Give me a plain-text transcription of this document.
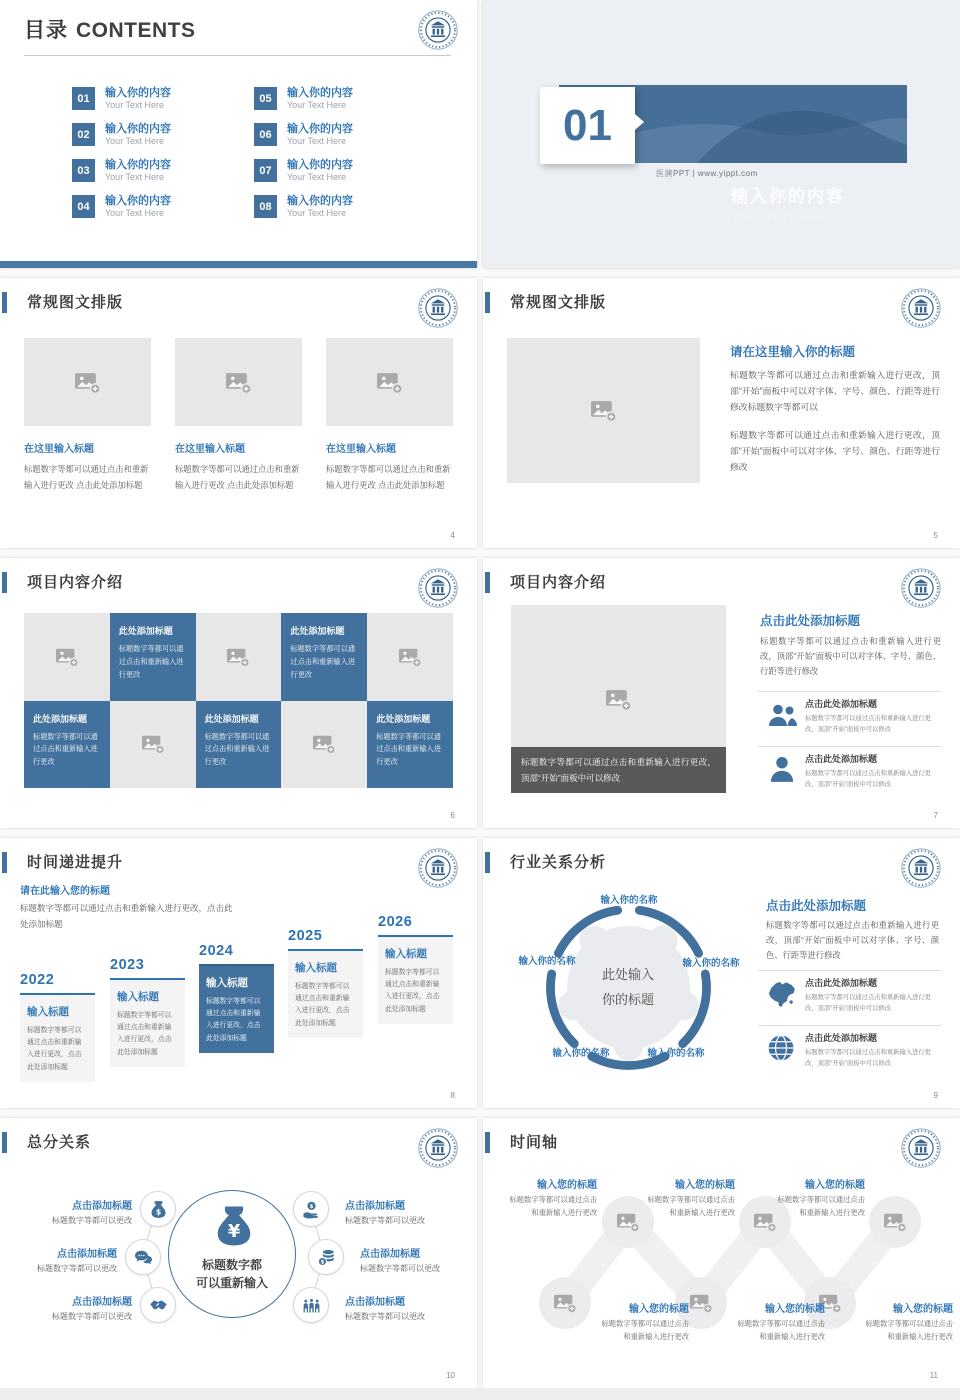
目录 CONTENTS
01	输入你的内容
Your Text Here
02	输入你的内容
Your Text Here
03	输入你的内容
Your Text Here
04	输入你的内容
Your Text Here
05	输入你的内容
Your Text Here
06	输入你的内容
Your Text Here
07	输入你的内容
Your Text Here
08	输入你的内容
Your Text Here
输入你的内容
Your Text Here
01
医演PPT | www.yippt.com
常规图文排版
在这里输入标题
标题数字等都可以通过点击和重新输入进行更改 点击此处添加标题
在这里输入标题
标题数字等都可以通过点击和重新输入进行更改 点击此处添加标题
在这里输入标题
标题数字等都可以通过点击和重新输入进行更改 点击此处添加标题
4
常规图文排版
请在这里输入你的标题
标题数字等都可以通过点击和重新输入进行更改，顶部“开始”面板中可以对字体、字号、颜色、行距等进行修改标题数字等都可以
标题数字等都可以通过点击和重新输入进行更改，顶部“开始”面板中可以对字体、字号、颜色、行距等进行修改
5
项目内容介绍
此处添加标题
标题数字等都可以通过点击和重新输入进行更改
此处添加标题
标题数字等都可以通过点击和重新输入进行更改
此处添加标题
标题数字等都可以通过点击和重新输入进行更改
此处添加标题
标题数字等都可以通过点击和重新输入进行更改
此处添加标题
标题数字等都可以通过点击和重新输入进行更改
6
项目内容介绍
标题数字等都可以通过点击和重新输入进行更改，顶部“开始”面板中可以修改
点击此处添加标题
标题数字等都可以通过点击和重新输入进行更改，顶部“开始”面板中可以对字体、字号、颜色、行距等进行修改
点击此处添加标题
标题数字等都可以通过点击和重新输入进行更改，顶部“开始”面板中可以修改
点击此处添加标题
标题数字等都可以通过点击和重新输入进行更改，顶部“开始”面板中可以修改
7
时间递进提升
请在此输入您的标题
标题数字等都可以通过点击和重新输入进行更改，点击此处添加标题
2022
输入标题
标题数字等都可以通过点击和重新输入进行更改，点击此处添加标题
2023
输入标题
标题数字等都可以通过点击和重新输入进行更改，点击此处添加标题
2024
输入标题
标题数字等都可以通过点击和重新输入进行更改，点击此处添加标题
2025
输入标题
标题数字等都可以通过点击和重新输入进行更改，点击此处添加标题
2026
输入标题
标题数字等都可以通过点击和重新输入进行更改，点击此处添加标题
8
行业关系分析
此处输入
你的标题
输入你的名称
输入你的名称	输入你的名称
输入你的名称	输入你的名称
点击此处添加标题
标题数字等都可以通过点击和重新输入进行更改，顶部“开始”面板中可以对字体、字号、颜色、行距等进行修改
点击此处添加标题
标题数字等都可以通过点击和重新输入进行更改，顶部“开始”面板中可以修改
点击此处添加标题
标题数字等都可以通过点击和重新输入进行更改，顶部“开始”面板中可以修改
9
总分关系
标题数字都
可以重新输入
点击添加标题
标题数字等都可以更改
点击添加标题
标题数字等都可以更改
点击添加标题
标题数字等都可以更改
点击添加标题
标题数字等都可以更改
点击添加标题
标题数字等都可以更改
点击添加标题
标题数字等都可以更改
10
时间轴
输入您的标题
标题数字等都可以通过点击
和重新输入进行更改
输入您的标题
标题数字等都可以通过点击
和重新输入进行更改
输入您的标题
标题数字等都可以通过点击
和重新输入进行更改
输入您的标题
标题数字等都可以通过点击
和重新输入进行更改
输入您的标题
标题数字等都可以通过点击
和重新输入进行更改
输入您的标题
标题数字等都可以通过点击
和重新输入进行更改
11
